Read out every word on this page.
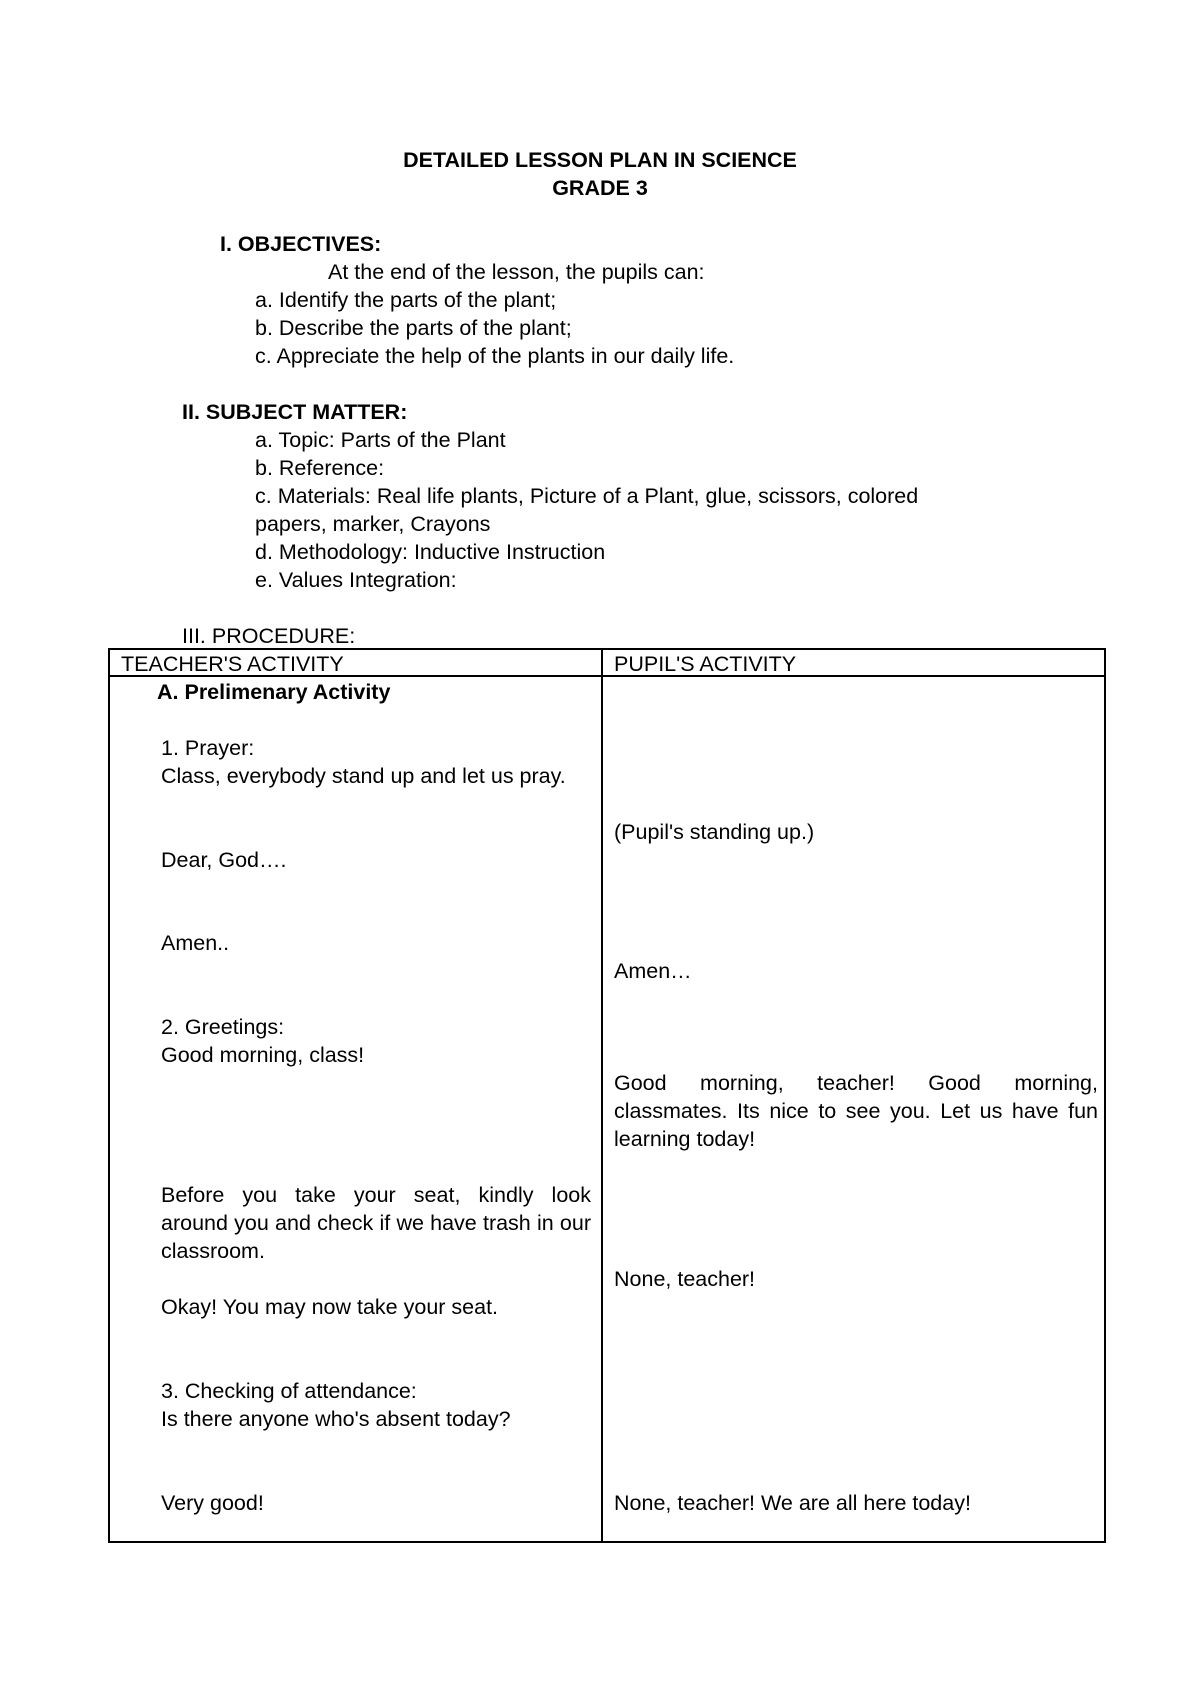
DETAILED LESSON PLAN IN SCIENCE
GRADE 3
I. OBJECTIVES:
At the end of the lesson, the pupils can:
a. Identify the parts of the plant;
b. Describe the parts of the plant;
c. Appreciate the help of the plants in our daily life.
II. SUBJECT MATTER:
a. Topic: Parts of the Plant
b. Reference:
c. Materials: Real life plants, Picture of a Plant, glue, scissors, colored
papers, marker, Crayons
d. Methodology: Inductive Instruction
e. Values Integration:
III. PROCEDURE:
TEACHER'S ACTIVITY	PUPIL'S ACTIVITY
A. Prelimenary Activity
1. Prayer:
Class, everybody stand up and let us pray.
Dear, God….
Amen..
2. Greetings:
Good morning, class!
Before you take your seat, kindly look around you and check if we have trash in our classroom.
Okay! You may now take your seat.
3. Checking of attendance:
Is there anyone who's absent today?
Very good!
(Pupil's standing up.)
Amen…
Good morning, teacher! Good morning, classmates. Its nice to see you. Let us have fun learning today!
None, teacher!
None, teacher! We are all here today!
